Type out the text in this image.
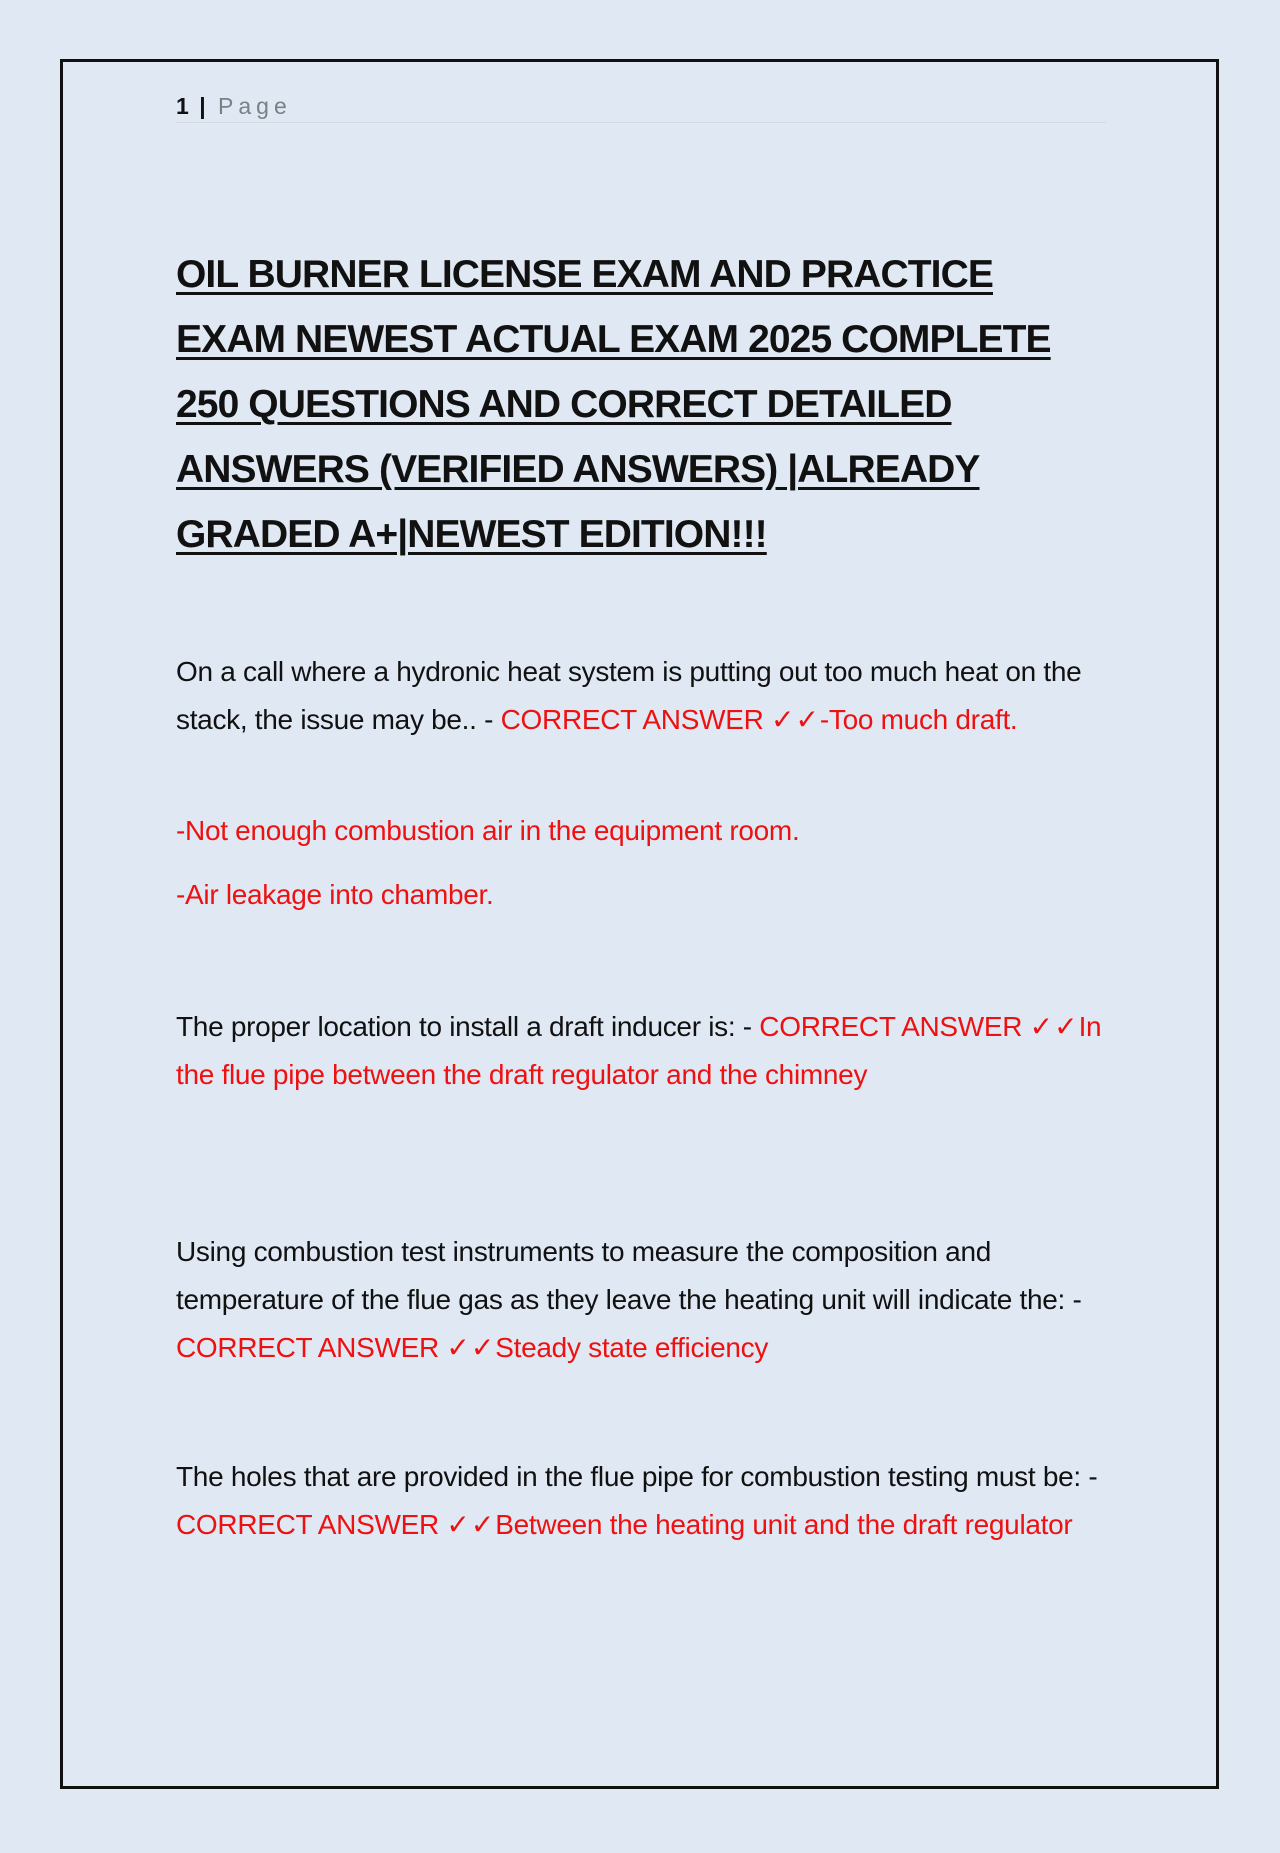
1 | Page
OIL BURNER LICENSE EXAM AND PRACTICE EXAM NEWEST ACTUAL EXAM 2025 COMPLETE 250 QUESTIONS AND CORRECT DETAILED ANSWERS (VERIFIED ANSWERS) |ALREADY GRADED A+|NEWEST EDITION!!!

On a call where a hydronic heat system is putting out too much heat on the stack, the issue may be.. - CORRECT ANSWER ✓✓-Too much draft.

-Not enough combustion air in the equipment room.

-Air leakage into chamber.

The proper location to install a draft inducer is: - CORRECT ANSWER ✓✓In the flue pipe between the draft regulator and the chimney

Using combustion test instruments to measure the composition and temperature of the flue gas as they leave the heating unit will indicate the: - CORRECT ANSWER ✓✓Steady state efficiency

The holes that are provided in the flue pipe for combustion testing must be: - CORRECT ANSWER ✓✓Between the heating unit and the draft regulator
